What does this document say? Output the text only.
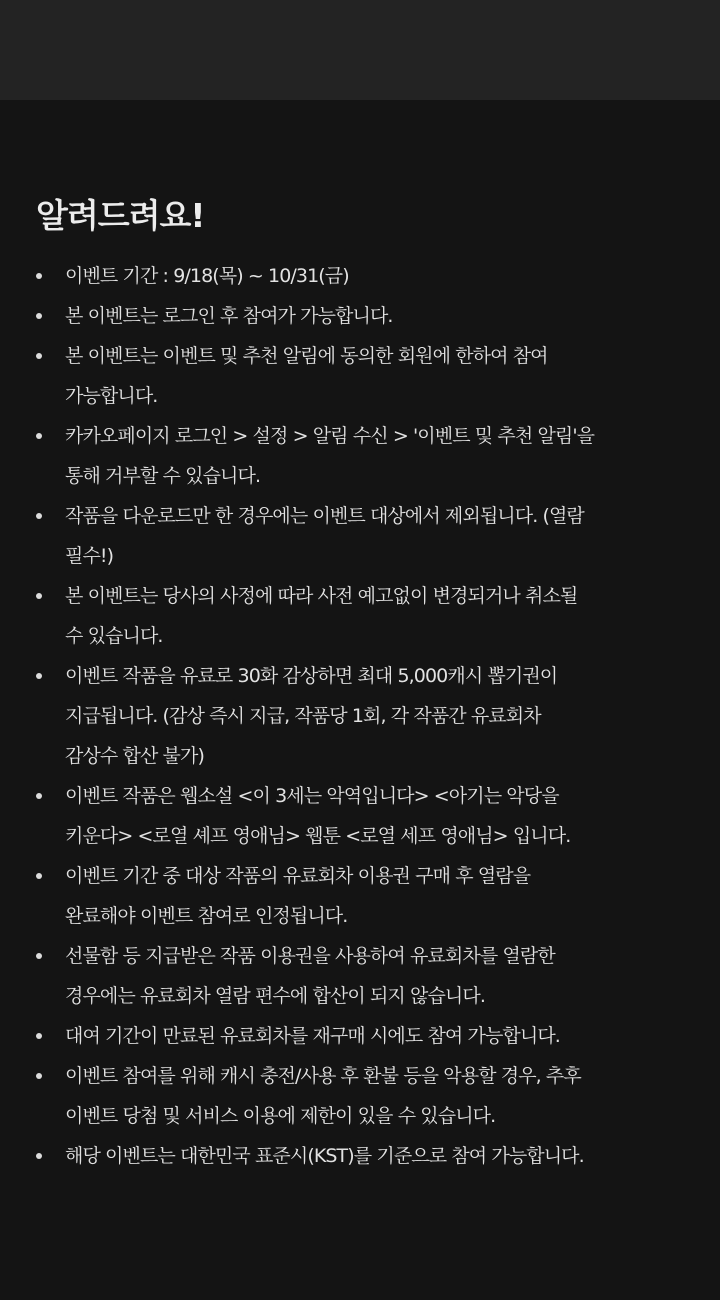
알려드려요!
이벤트 기간 : 9/18(목) ~ 10/31(금)
본 이벤트는 로그인 후 참여가 가능합니다.
본 이벤트는 이벤트 및 추천 알림에 동의한 회원에 한하여 참여
가능합니다.
카카오페이지 로그인 > 설정 > 알림 수신 > '이벤트 및 추천 알림'을
통해 거부할 수 있습니다.
작품을 다운로드만 한 경우에는 이벤트 대상에서 제외됩니다. (열람
필수!)
본 이벤트는 당사의 사정에 따라 사전 예고없이 변경되거나 취소될
수 있습니다.
이벤트 작품을 유료로 30화 감상하면 최대 5,000캐시 뽑기권이
지급됩니다. (감상 즉시 지급, 작품당 1회, 각 작품간 유료회차
감상수 합산 불가)
이벤트 작품은 웹소설 <이 3세는 악역입니다> <아기는 악당을
키운다> <로열 셰프 영애님> 웹툰 <로열 세프 영애님> 입니다.
이벤트 기간 중 대상 작품의 유료회차 이용권 구매 후 열람을
완료해야 이벤트 참여로 인정됩니다.
선물함 등 지급받은 작품 이용권을 사용하여 유료회차를 열람한
경우에는 유료회차 열람 편수에 합산이 되지 않습니다.
대여 기간이 만료된 유료회차를 재구매 시에도 참여 가능합니다.
이벤트 참여를 위해 캐시 충전/사용 후 환불 등을 악용할 경우, 추후
이벤트 당첨 및 서비스 이용에 제한이 있을 수 있습니다.
해당 이벤트는 대한민국 표준시(KST)를 기준으로 참여 가능합니다.
